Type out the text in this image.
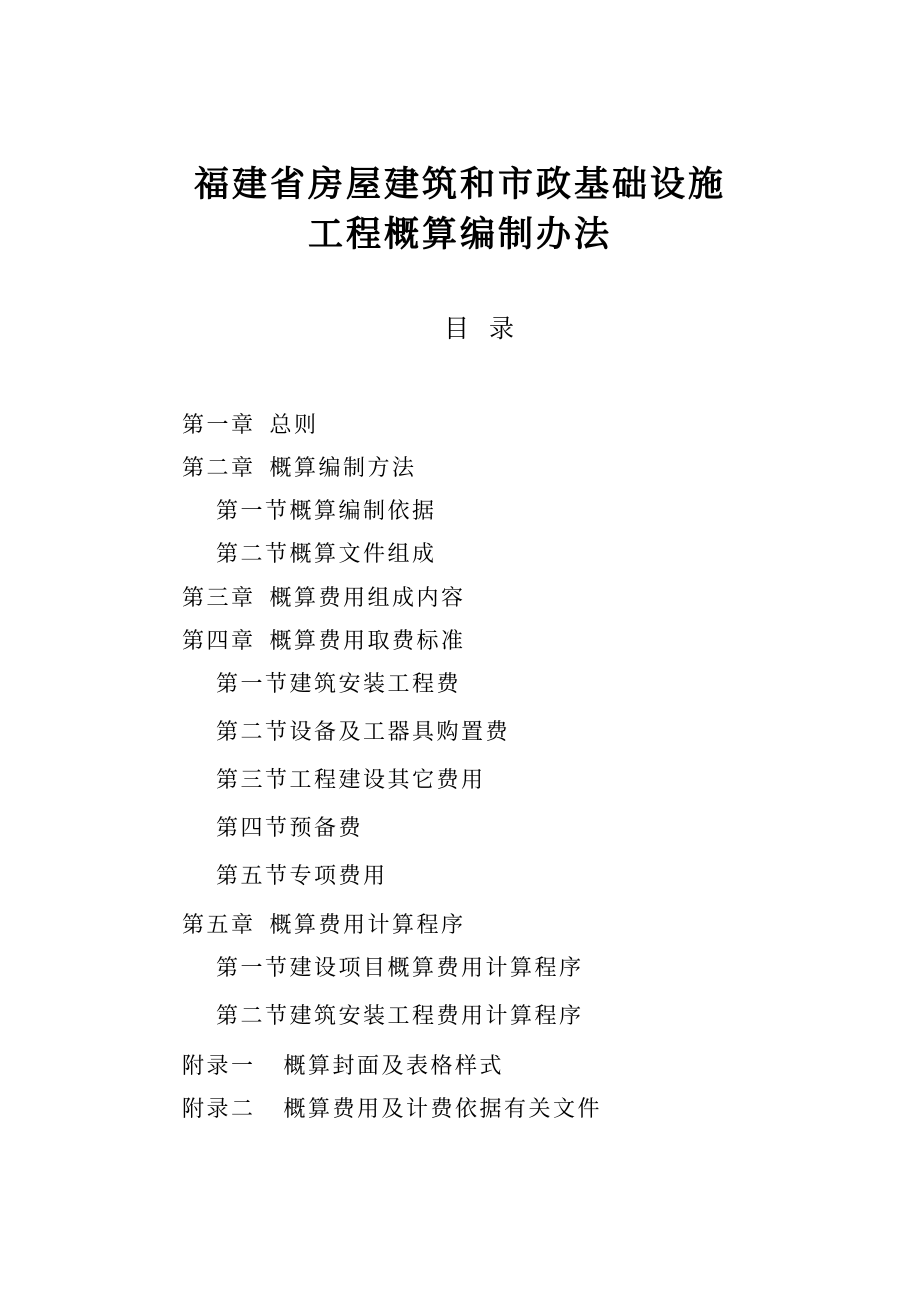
福建省房屋建筑和市政基础设施
工程概算编制办法
目录
第一章 总则
第二章 概算编制方法
第一节概算编制依据
第二节概算文件组成
第三章 概算费用组成内容
第四章 概算费用取费标准
第一节建筑安装工程费
第二节设备及工器具购置费
第三节工程建设其它费用
第四节预备费
第五节专项费用
第五章 概算费用计算程序
第一节建设项目概算费用计算程序
第二节建筑安装工程费用计算程序
附录一 概算封面及表格样式
附录二 概算费用及计费依据有关文件
